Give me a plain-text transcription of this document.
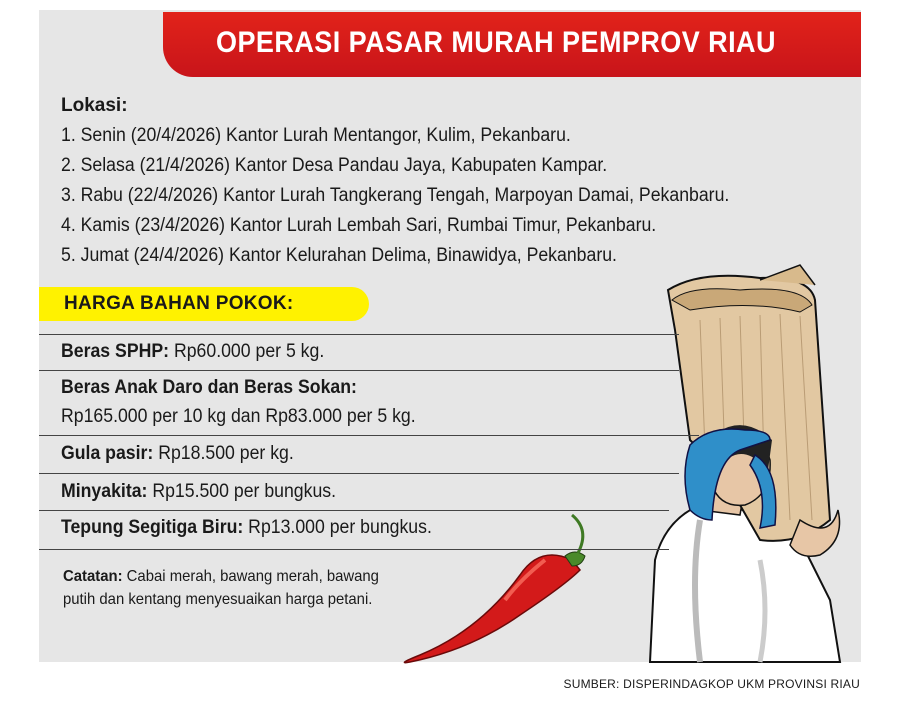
OPERASI PASAR MURAH PEMPROV RIAU
Lokasi:
1. Senin (20/4/2026) Kantor Lurah Mentangor, Kulim, Pekanbaru.
2. Selasa (21/4/2026) Kantor Desa Pandau Jaya, Kabupaten Kampar.
3. Rabu (22/4/2026) Kantor Lurah Tangkerang Tengah, Marpoyan Damai, Pekanbaru.
4. Kamis (23/4/2026) Kantor Lurah Lembah Sari, Rumbai Timur, Pekanbaru.
5. Jumat (24/4/2026) Kantor Kelurahan Delima, Binawidya, Pekanbaru.
HARGA BAHAN POKOK:
Beras SPHP: Rp60.000 per 5 kg.
Beras Anak Daro dan Beras Sokan:
Rp165.000 per 10 kg dan Rp83.000 per 5 kg.
Gula pasir: Rp18.500 per kg.
Minyakita: Rp15.500 per bungkus.
Tepung Segitiga Biru: Rp13.000 per bungkus.
Catatan: Cabai merah, bawang merah, bawang putih dan kentang menyesuaikan harga petani.
SUMBER: DISPERINDAGKOP UKM PROVINSI RIAU
